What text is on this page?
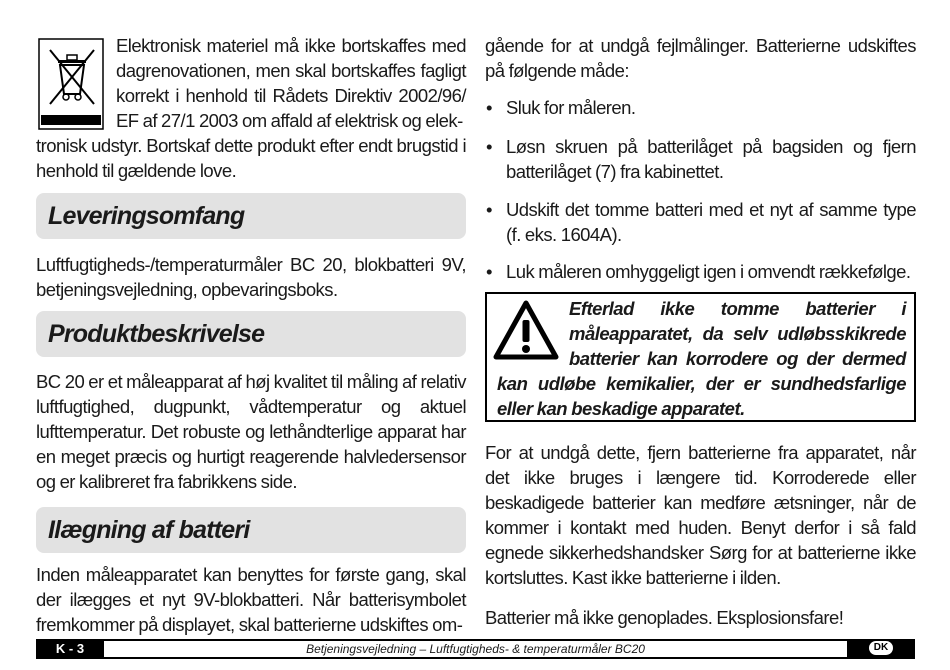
Elektronisk materiel må ikke bortskaffes med dagrenovationen, men skal bortskaffes fagligt korrekt i henhold til Rådets Direktiv 2002/96/ EF af 27/1 2003 om affald af elektrisk og elek-

tronisk udstyr. Bortskaf dette produkt efter endt brugstid i henhold til gældende love.

Leveringsomfang

Luftfugtigheds-/temperaturmåler BC 20, blokbatteri 9V, betjeningsvejledning, opbevaringsboks.

Produktbeskrivelse

BC 20 er et måleapparat af høj kvalitet til måling af relativ luftfugtighed, dugpunkt, vådtemperatur og aktuel lufttemperatur. Det robuste og lethåndterlige apparat har en meget præcis og hurtigt reagerende halvledersensor og er kalibreret fra fabrikkens side.

Ilægning af batteri

Inden måleapparatet kan benyttes for første gang, skal der ilægges et nyt 9V-blokbatteri. Når batterisymbolet fremkommer på displayet, skal batterierne udskiftes om-

gående for at undgå fejlmålinger. Batterierne udskiftes på følgende måde:

• Sluk for måleren.

• Løsn skruen på batterilåget på bagsiden og fjern batterilåget (7) fra kabinettet.

• Udskift det tomme batteri med et nyt af samme type (f. eks. 1604A).

• Luk måleren omhyggeligt igen i omvendt rækkefølge.

Efterlad ikke tomme batterier i måleapparatet, da selv udløbsskikrede batterier kan korrodere og der dermed kan udløbe kemikalier, der er sundhedsfarlige eller kan beskadige apparatet.

For at undgå dette, fjern batterierne fra apparatet, når det ikke bruges i længere tid. Korroderede eller beskadigede batterier kan medføre ætsninger, når de kommer i kontakt med huden. Benyt derfor i så fald egnede sikkerhedshandsker Sørg for at batterierne ikke kortsluttes. Kast ikke batterierne i ilden.

Batterier må ikke genoplades. Eksplosionsfare!

K - 3	Betjeningsvejledning – Luftfugtigheds- & temperaturmåler BC20	DK
